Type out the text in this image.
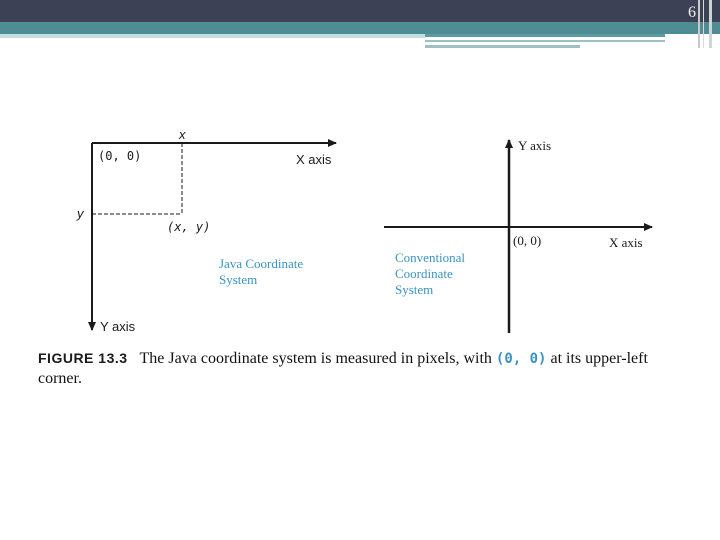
6
x
(0, 0)	X axis
y
(x, y)
Java Coordinate
System
Y axis
Y axis
(0, 0)	X axis
Conventional
Coordinate
System
FIGURE 13.3 The Java coordinate system is measured in pixels, with (0, 0) at its upper-left corner.
